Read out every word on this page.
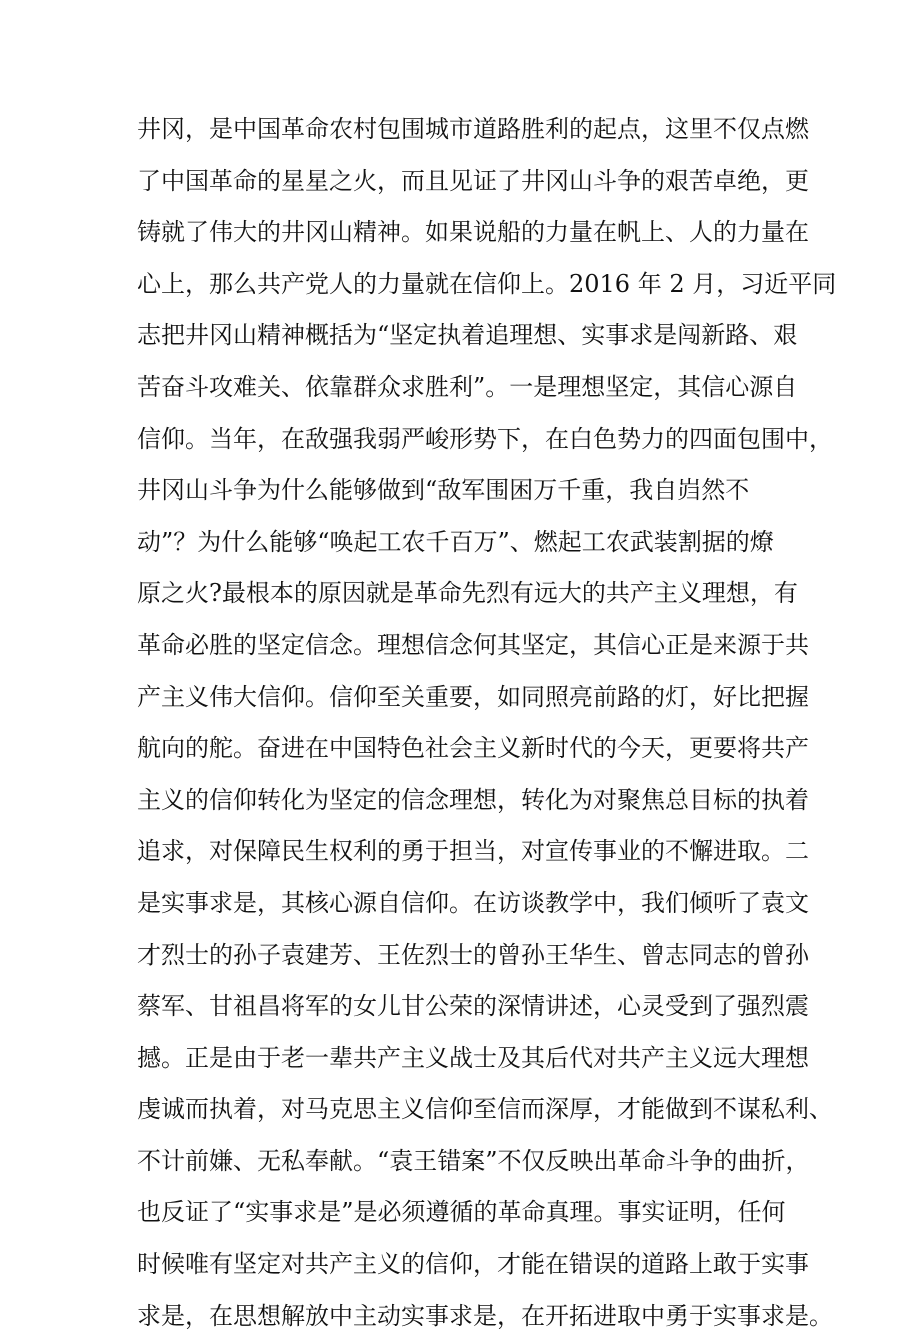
井冈，是中国革命农村包围城市道路胜利的起点，这里不仅点燃
了中国革命的星星之火，而且见证了井冈山斗争的艰苦卓绝，更
铸就了伟大的井冈山精神。如果说船的力量在帆上、人的力量在
心上，那么共产党人的力量就在信仰上。2016 年 2 月，习近平同
志把井冈山精神概括为“坚定执着追理想、实事求是闯新路、艰
苦奋斗攻难关、依靠群众求胜利”。一是理想坚定，其信心源自
信仰。当年，在敌强我弱严峻形势下，在白色势力的四面包围中，
井冈山斗争为什么能够做到“敌军围困万千重，我自岿然不
动”？为什么能够“唤起工农千百万”、燃起工农武装割据的燎
原之火?最根本的原因就是革命先烈有远大的共产主义理想，有
革命必胜的坚定信念。理想信念何其坚定，其信心正是来源于共
产主义伟大信仰。信仰至关重要，如同照亮前路的灯，好比把握
航向的舵。奋进在中国特色社会主义新时代的今天，更要将共产
主义的信仰转化为坚定的信念理想，转化为对聚焦总目标的执着
追求，对保障民生权利的勇于担当，对宣传事业的不懈进取。二
是实事求是，其核心源自信仰。在访谈教学中，我们倾听了袁文
才烈士的孙子袁建芳、王佐烈士的曾孙王华生、曾志同志的曾孙
蔡军、甘祖昌将军的女儿甘公荣的深情讲述，心灵受到了强烈震
撼。正是由于老一辈共产主义战士及其后代对共产主义远大理想
虔诚而执着，对马克思主义信仰至信而深厚，才能做到不谋私利、
不计前嫌、无私奉献。“袁王错案”不仅反映出革命斗争的曲折，
也反证了“实事求是”是必须遵循的革命真理。事实证明，任何
时候唯有坚定对共产主义的信仰，才能在错误的道路上敢于实事
求是，在思想解放中主动实事求是，在开拓进取中勇于实事求是。
